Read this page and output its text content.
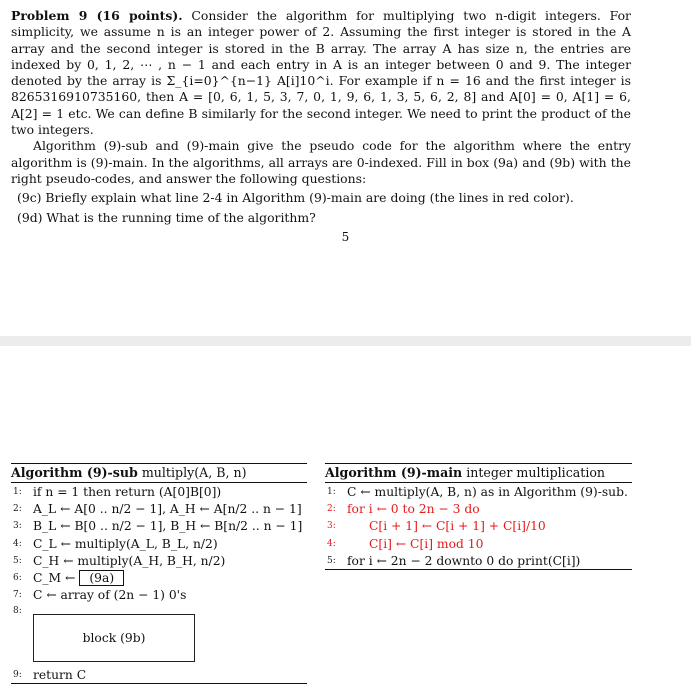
Problem 9 (16 points). Consider the algorithm for multiplying two n-digit integers. For simplicity, we assume n is an integer power of 2. Assuming the first integer is stored in the A array and the second integer is stored in the B array. The array A has size n, the entries are indexed by 0, 1, 2, ⋯ , n − 1 and each entry in A is an integer between 0 and 9. The integer denoted by the array is Σ_{i=0}^{n−1} A[i]10^i. For example if n = 16 and the first integer is 8265316910735160, then A = [0, 6, 1, 5, 3, 7, 0, 1, 9, 6, 1, 3, 5, 6, 2, 8] and A[0] = 0, A[1] = 6, A[2] = 1 etc. We can define B similarly for the second integer. We need to print the product of the two integers.

Algorithm (9)-sub and (9)-main give the pseudo code for the algorithm where the entry algorithm is (9)-main. In the algorithms, all arrays are 0-indexed. Fill in box (9a) and (9b) with the right pseudo-codes, and answer the following questions:

(9c) Briefly explain what line 2-4 in Algorithm (9)-main are doing (the lines in red color).

(9d) What is the running time of the algorithm?

5
Algorithm (9)-sub multiply(A, B, n)
1: if n = 1 then return (A[0]B[0])
2: A_L ← A[0 .. n/2 − 1], A_H ← A[n/2 .. n − 1]
3: B_L ← B[0 .. n/2 − 1], B_H ← B[n/2 .. n − 1]
4: C_L ← multiply(A_L, B_L, n/2)
5: C_H ← multiply(A_H, B_H, n/2)
6: C_M ←	(9a)
7: C ← array of (2n − 1) 0's
8:
block (9b)
9: return C
Algorithm (9)-main integer multiplication
1: C ← multiply(A, B, n) as in Algorithm (9)-sub.
2: for i ← 0 to 2n − 3 do
3:	C[i + 1] ← C[i + 1] + C[i]/10
4:	C[i] ← C[i] mod 10
5: for i ← 2n − 2 downto 0 do print(C[i])
